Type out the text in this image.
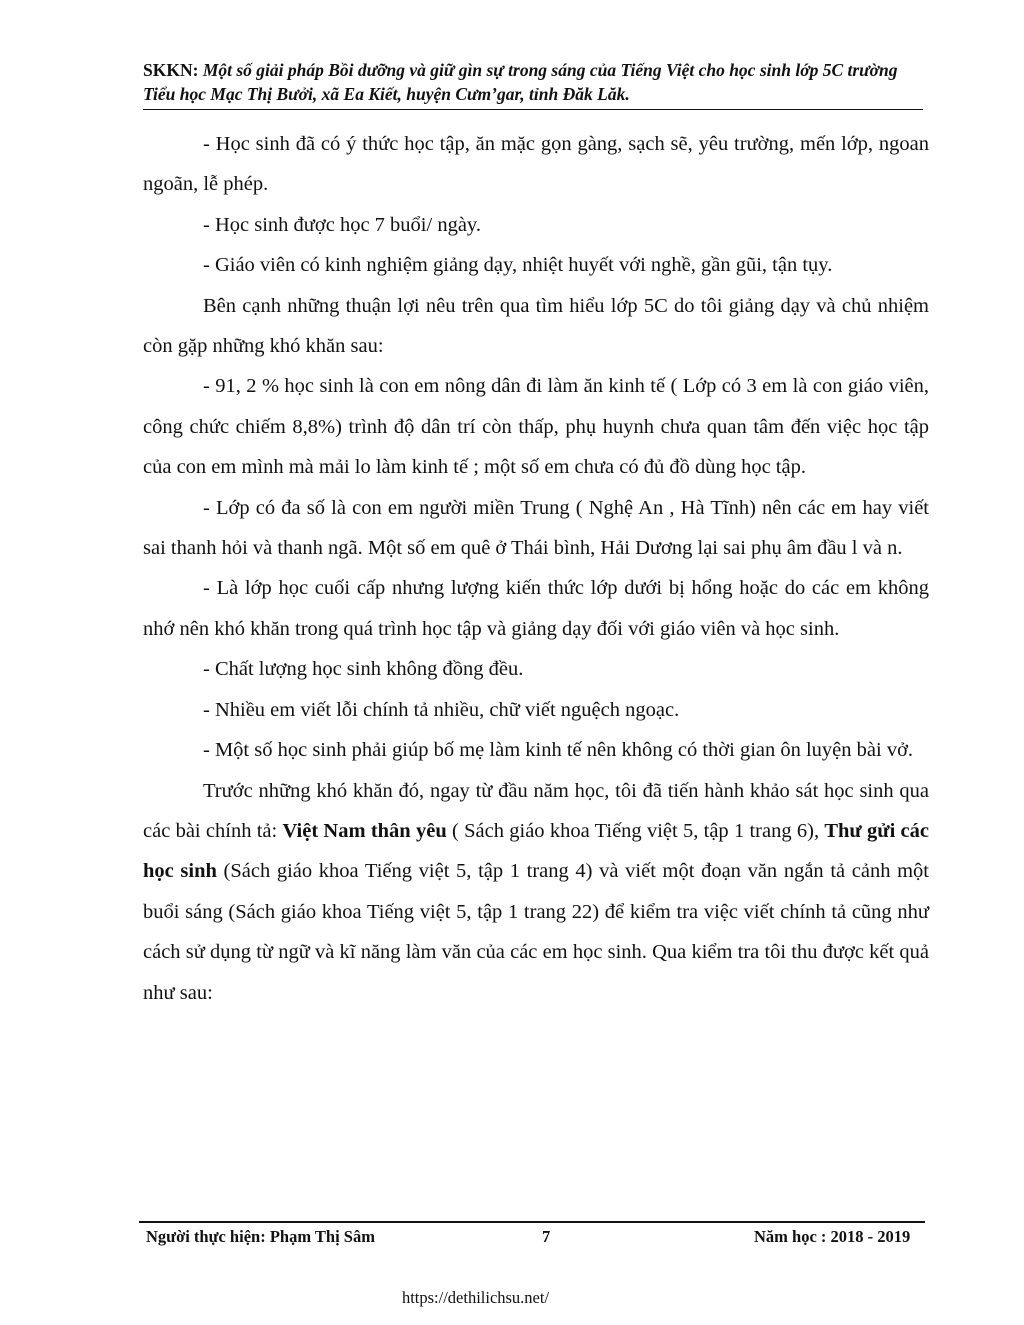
SKKN: Một số giải pháp Bồi dưỡng và giữ gìn sự trong sáng của Tiếng Việt cho học sinh lớp 5C trường Tiểu học Mạc Thị Bưởi, xã Ea Kiết, huyện Cưm’gar, tỉnh Đăk Lăk.

- Học sinh đã có ý thức học tập, ăn mặc gọn gàng, sạch sẽ, yêu trường, mến lớp, ngoan ngoãn, lễ phép.

- Học sinh được học 7 buổi/ ngày.

- Giáo viên có kinh nghiệm giảng dạy, nhiệt huyết với nghề, gần gũi, tận tụy.

Bên cạnh những thuận lợi nêu trên qua tìm hiểu lớp 5C do tôi giảng dạy và chủ nhiệm còn gặp những khó khăn sau:

- 91, 2 % học sinh là con em nông dân đi làm ăn kinh tế ( Lớp có 3 em là con giáo viên, công chức chiếm 8,8%) trình độ dân trí còn thấp, phụ huynh chưa quan tâm đến việc học tập của con em mình mà mải lo làm kinh tế ; một số em chưa có đủ đồ dùng học tập.

- Lớp có đa số là con em người miền Trung ( Nghệ An , Hà Tĩnh) nên các em hay viết sai thanh hỏi và thanh ngã. Một số em quê ở Thái bình, Hải Dương lại sai phụ âm đầu l và n.

- Là lớp học cuối cấp nhưng lượng kiến thức lớp dưới bị hổng hoặc do các em không nhớ nên khó khăn trong quá trình học tập và giảng dạy đối với giáo viên và học sinh.

- Chất lượng học sinh không đồng đều.

- Nhiều em viết lỗi chính tả nhiều, chữ viết nguệch ngoạc.

- Một số học sinh phải giúp bố mẹ làm kinh tế nên không có thời gian ôn luyện bài vở.

Trước những khó khăn đó, ngay từ đầu năm học, tôi đã tiến hành khảo sát học sinh qua các bài chính tả: Việt Nam thân yêu ( Sách giáo khoa Tiếng việt 5, tập 1 trang 6), Thư gửi các học sinh (Sách giáo khoa Tiếng việt 5, tập 1 trang 4) và viết một đoạn văn ngắn tả cảnh một buổi sáng (Sách giáo khoa Tiếng việt 5, tập 1 trang 22) để kiểm tra việc viết chính tả cũng như cách sử dụng từ ngữ và kĩ năng làm văn của các em học sinh. Qua kiểm tra tôi thu được kết quả như sau:

Người thực hiện: Phạm Thị Sâm	7	Năm học : 2018 - 2019
https://dethilichsu.net/
